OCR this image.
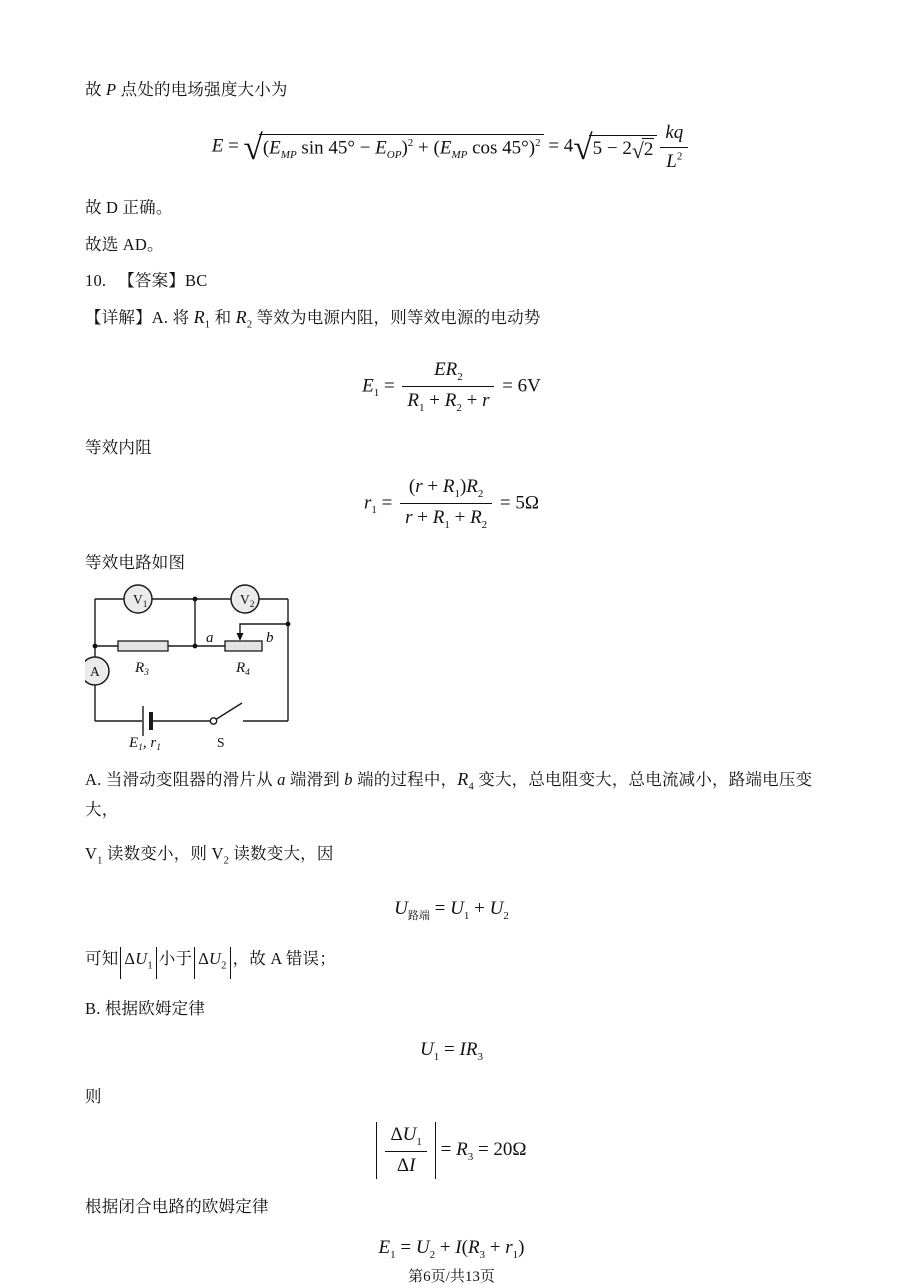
故 P 点处的电场强度大小为

E = √ ($E_{MP}$ $\sin 45^\circ - E_{OP})^2 + (E_{MP}$ cos 45°)$^2$ = 4 √ 5 − 2 √ $2 \frac{kq}{L^2}$

故 D 正确。

故选 AD。

10. 【答案】BC

【详解】A. 将 $R_1$ 和 $R_2$ 等效为电源内阻，则等效电源的电动势

$E_1 = \frac{ER_2}{R_1 + R_2 + r} = 6V$

等效内阻

$r_1 = \frac{(r + R_1)R_2}{r + R_1 + R_2} = 5\Omega$

等效电路如图

$V_1$	$V_2$
A $R_3$	$R_4$
a	b
$E_1$, $r_1$	S

A. 当滑动变阻器的滑片从 a 端滑到 b 端的过程中，$R_4$ 变大，总电阻变大，总电流减小，路端电压变大，

$V_1$ 读数变小，则 $V_2$ 读数变大，因

$U_{路端} = U_1 + U_2$

可知 $\Delta U_1$ 小于 $\Delta U_2$ ，故 A 错误；

B. 根据欧姆定律

$U_1 = IR_3$

则

$\frac{\Delta U_1}{\Delta I} = R_3 = 20\Omega$

根据闭合电路的欧姆定律

$E_1 = U_2 + I(R_3 + r_1)$
第6页/共13页
